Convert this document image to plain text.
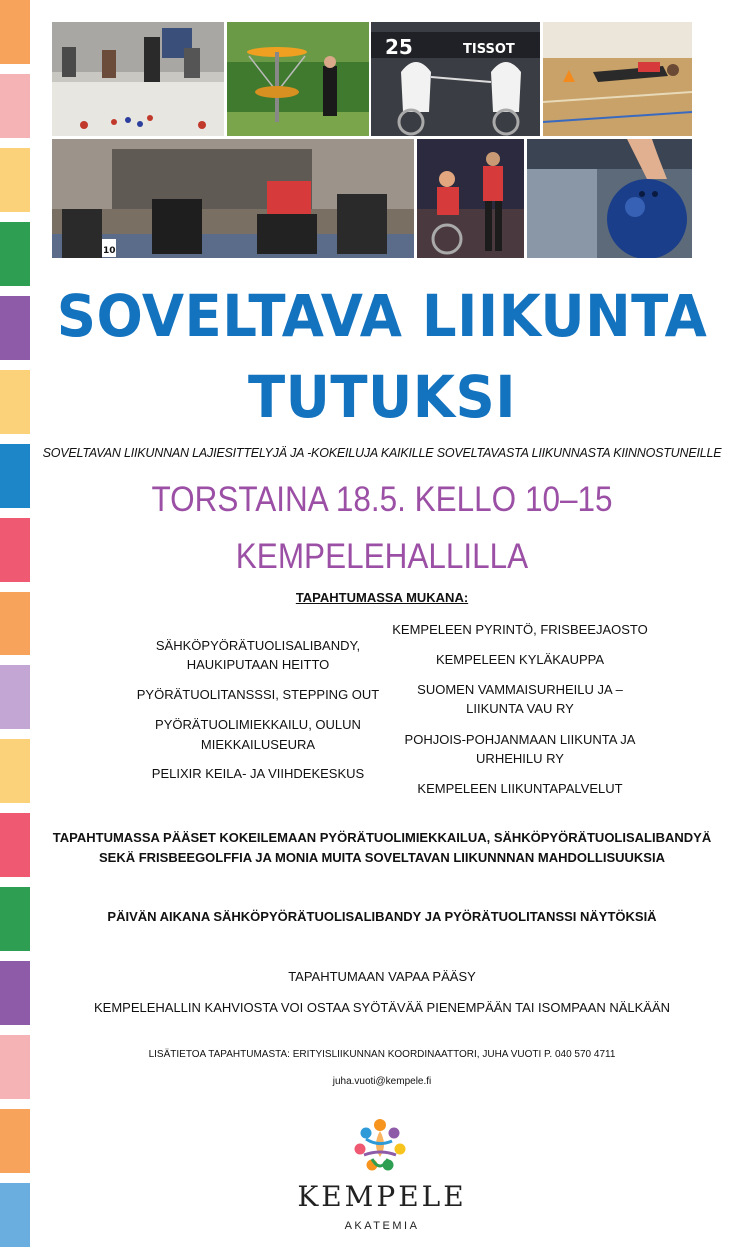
25	TISSOT
10
SOVELTAVA LIIKUNTA
TUTUKSI
SOVELTAVAN LIIKUNNAN LAJIESITTELYJÄ JA -KOKEILUJA KAIKILLE SOVELTAVASTA LIIKUNNASTA KIINNOSTUNEILLE
TORSTAINA 18.5. KELLO 10–15
KEMPELEHALLILLA
TAPAHTUMASSA MUKANA:
SÄHKÖPYÖRÄTUOLISALIBANDY,
HAUKIPUTAAN HEITTO
PYÖRÄTUOLITANSSSI, STEPPING OUT
PYÖRÄTUOLIMIEKKAILU, OULUN
MIEKKAILUSEURA
PELIXIR KEILA- JA VIIHDEKESKUS
KEMPELEEN PYRINTÖ, FRISBEEJAOSTO
KEMPELEEN KYLÄKAUPPA
SUOMEN VAMMAISURHEILU JA –
LIIKUNTA VAU RY
POHJOIS-POHJANMAAN LIIKUNTA JA
URHEHILU RY
KEMPELEEN LIIKUNTAPALVELUT
TAPAHTUMASSA PÄÄSET KOKEILEMAAN PYÖRÄTUOLIMIEKKAILUA, SÄHKÖPYÖRÄTUOLISALIBANDYÄ
SEKÄ FRISBEEGOLFFIA JA MONIA MUITA SOVELTAVAN LIIKUNNNAN MAHDOLLISUUKSIA
PÄIVÄN AIKANA SÄHKÖPYÖRÄTUOLISALIBANDY JA PYÖRÄTUOLITANSSI NÄYTÖKSIÄ
TAPAHTUMAAN VAPAA PÄÄSY
KEMPELEHALLIN KAHVIOSTA VOI OSTAA SYÖTÄVÄÄ PIENEMPÄÄN TAI ISOMPAAN NÄLKÄÄN
LISÄTIETOA TAPAHTUMASTA: ERITYISLIIKUNNAN KOORDINAATTORI, JUHA VUOTI P. 040 570 4711
juha.vuoti@kempele.fi
KEMPELE
AKATEMIA
